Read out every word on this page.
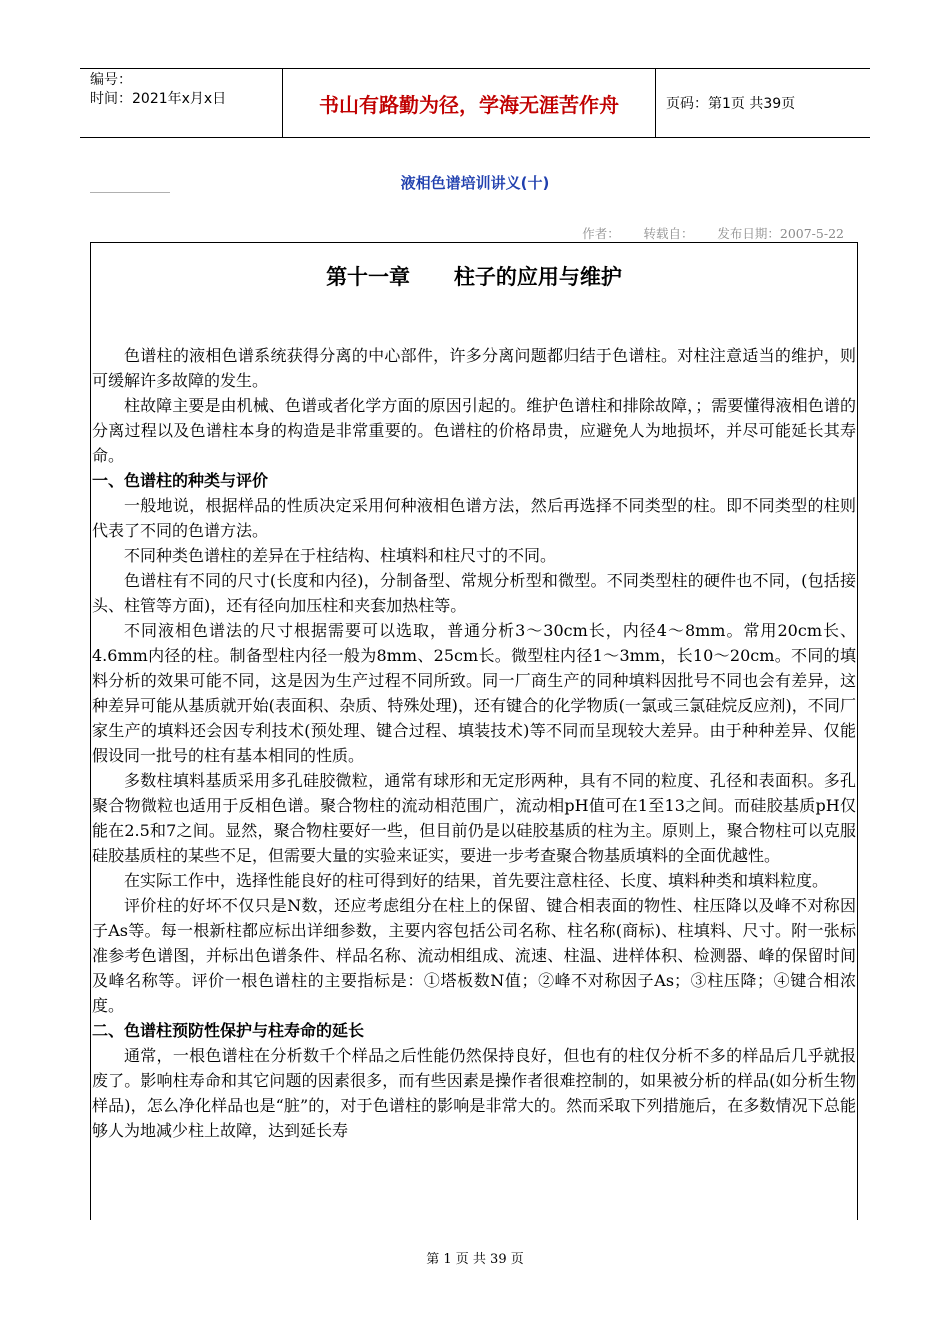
编号：
时间：2021年x月x日	书山有路勤为径，学海无涯苦作舟	页码：第1页 共39页
液相色谱培训讲义(十)
作者：      转载自：      发布日期：2007-5-22
第十一章      柱子的应用与维护

色谱柱的液相色谱系统获得分离的中心部件，许多分离问题都归结于色谱柱。对柱注意适当的维护，则可缓解许多故障的发生。

柱故障主要是由机械、色谱或者化学方面的原因引起的。维护色谱柱和排除故障，；需要懂得液相色谱的分离过程以及色谱柱本身的构造是非常重要的。色谱柱的价格昂贵，应避免人为地损坏，并尽可能延长其寿命。

一、色谱柱的种类与评价

一般地说，根据样品的性质决定采用何种液相色谱方法，然后再选择不同类型的柱。即不同类型的柱则代表了不同的色谱方法。

不同种类色谱柱的差异在于柱结构、柱填料和柱尺寸的不同。

色谱柱有不同的尺寸(长度和内径)，分制备型、常规分析型和微型。不同类型柱的硬件也不同，(包括接头、柱管等方面)，还有径向加压柱和夹套加热柱等。

不同液相色谱法的尺寸根据需要可以选取，普通分析3～30cm长，内径4～8mm。常用20cm长、4.6mm内径的柱。制备型柱内径一般为8mm、25cm长。微型柱内径1～3mm，长10～20cm。不同的填料分析的效果可能不同，这是因为生产过程不同所致。同一厂商生产的同种填料因批号不同也会有差异，这种差异可能从基质就开始(表面积、杂质、特殊处理)，还有键合的化学物质(一氯或三氯硅烷反应剂)，不同厂家生产的填料还会因专利技术(预处理、键合过程、填装技术)等不同而呈现较大差异。由于种种差异、仅能假设同一批号的柱有基本相同的性质。

多数柱填料基质采用多孔硅胶微粒，通常有球形和无定形两种，具有不同的粒度、孔径和表面积。多孔聚合物微粒也适用于反相色谱。聚合物柱的流动相范围广，流动相pH值可在1至13之间。而硅胶基质pH仅能在2.5和7之间。显然，聚合物柱要好一些，但目前仍是以硅胶基质的柱为主。原则上，聚合物柱可以克服硅胶基质柱的某些不足，但需要大量的实验来证实，要进一步考查聚合物基质填料的全面优越性。

在实际工作中，选择性能良好的柱可得到好的结果，首先要注意柱径、长度、填料种类和填料粒度。

评价柱的好坏不仅只是N数，还应考虑组分在柱上的保留、键合相表面的物性、柱压降以及峰不对称因子As等。每一根新柱都应标出详细参数，主要内容包括公司名称、柱名称(商标)、柱填料、尺寸。附一张标准参考色谱图，并标出色谱条件、样品名称、流动相组成、流速、柱温、进样体积、检测器、峰的保留时间及峰名称等。评价一根色谱柱的主要指标是：①塔板数N值；②峰不对称因子As；③柱压降；④键合相浓度。

二、色谱柱预防性保护与柱寿命的延长

通常，一根色谱柱在分析数千个样品之后性能仍然保持良好，但也有的柱仅分析不多的样品后几乎就报废了。影响柱寿命和其它问题的因素很多，而有些因素是操作者很难控制的，如果被分析的样品(如分析生物样品)，怎么净化样品也是“脏”的，对于色谱柱的影响是非常大的。然而采取下列措施后，在多数情况下总能够人为地减少柱上故障，达到延长寿

第 1 页 共 39 页
